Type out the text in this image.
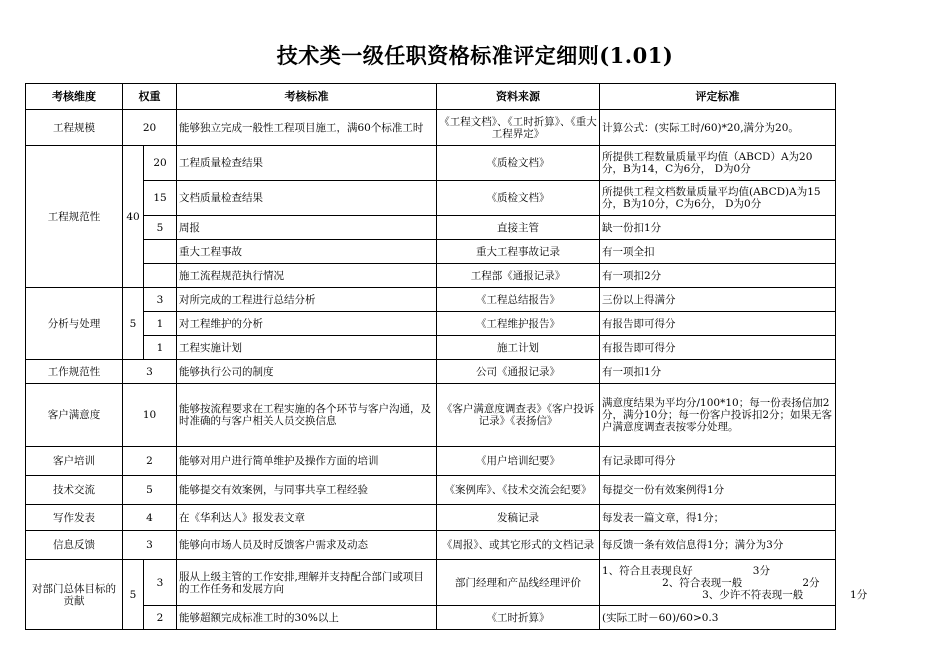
技术类一级任职资格标准评定细则(1.01)
考核维度	权重		考核标准	资料来源	评定标准
工程规模	20		能够独立完成一般性工程项目施工，满60个标准工时	《工程文档》、《工时折算》、《重大工程界定》	计算公式：(实际工时/60)*20,满分为20。
工程规范性	40	20	工程质量检查结果	《质检文档》	所提供工程数量质量平均值（ABCD）A为20分，B为14，C为6分， D为0分
		15	文档质量检查结果	《质检文档》	所提供工程文档数量质量平均值(ABCD)A为15分，B为10分，C为6分， D为0分
		5	周报	直接主管	缺一份扣1分
			重大工程事故	重大工程事故记录	有一项全扣
			施工流程规范执行情况	工程部《通报记录》	有一项扣2分
分析与处理	5	3	对所完成的工程进行总结分析	《工程总结报告》	三份以上得满分
		1	对工程维护的分析	《工程维护报告》	有报告即可得分
		1	工程实施计划	施工计划	有报告即可得分
工作规范性	3		能够执行公司的制度	公司《通报记录》	有一项扣1分
客户满意度	10		能够按流程要求在工程实施的各个环节与客户沟通，及时准确的与客户相关人员交换信息	《客户满意度调查表》《客户投诉记录》《表扬信》	满意度结果为平均分/100*10；每一份表扬信加2分，满分10分；每一份客户投诉扣2分；如果无客户满意度调查表按零分处理。
客户培训	2		能够对用户进行简单维护及操作方面的培训	《用户培训纪要》	有记录即可得分
技术交流	5		能够提交有效案例，与同事共享工程经验	《案例库》、《技术交流会纪要》	每提交一份有效案例得1分
写作发表	4		在《华利达人》报发表文章	发稿记录	每发表一篇文章，得1分；
信息反馈	3		能够向市场人员及时反馈客户需求及动态	《周报》、或其它形式的文档记录	每反馈一条有效信息得1分；满分为3分
对部门总体目标的贡献	5	3	服从上级主管的工作安排,理解并支持配合部门或项目的工作任务和发展方向	部门经理和产品线经理评价	1、符合且表现良好                  3分
2、符合表现一般                  2分
3、少许不符表现一般              1分

		2	能够超额完成标准工时的30%以上	《工时折算》	(实际工时－60)/60>0.3
